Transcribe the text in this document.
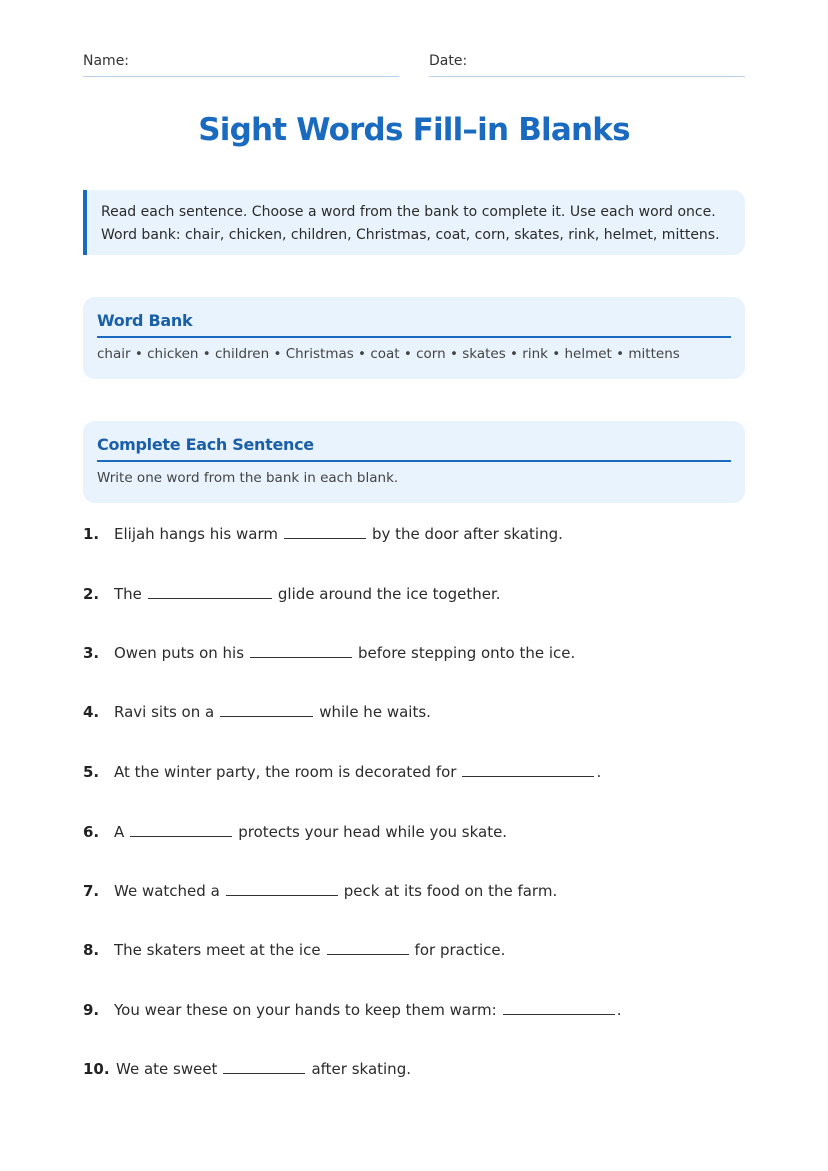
Name:	Date:
Sight Words Fill–in Blanks
Read each sentence. Choose a word from the bank to complete it. Use each word once.
Word bank: chair, chicken, children, Christmas, coat, corn, skates, rink, helmet, mittens.
Word Bank
chair • chicken • children • Christmas • coat • corn • skates • rink • helmet • mittens
Complete Each Sentence
Write one word from the bank in each blank.
1. Elijah hangs his warm	by the door after skating.
2. The	glide around the ice together.
3. Owen puts on his	before stepping onto the ice.
4. Ravi sits on a	while he waits.
5. At the winter party, the room is decorated for	.
6. A	protects your head while you skate.
7. We watched a	peck at its food on the farm.
8. The skaters meet at the ice	for practice.
9. You wear these on your hands to keep them warm:	.
10. We ate sweet	after skating.
